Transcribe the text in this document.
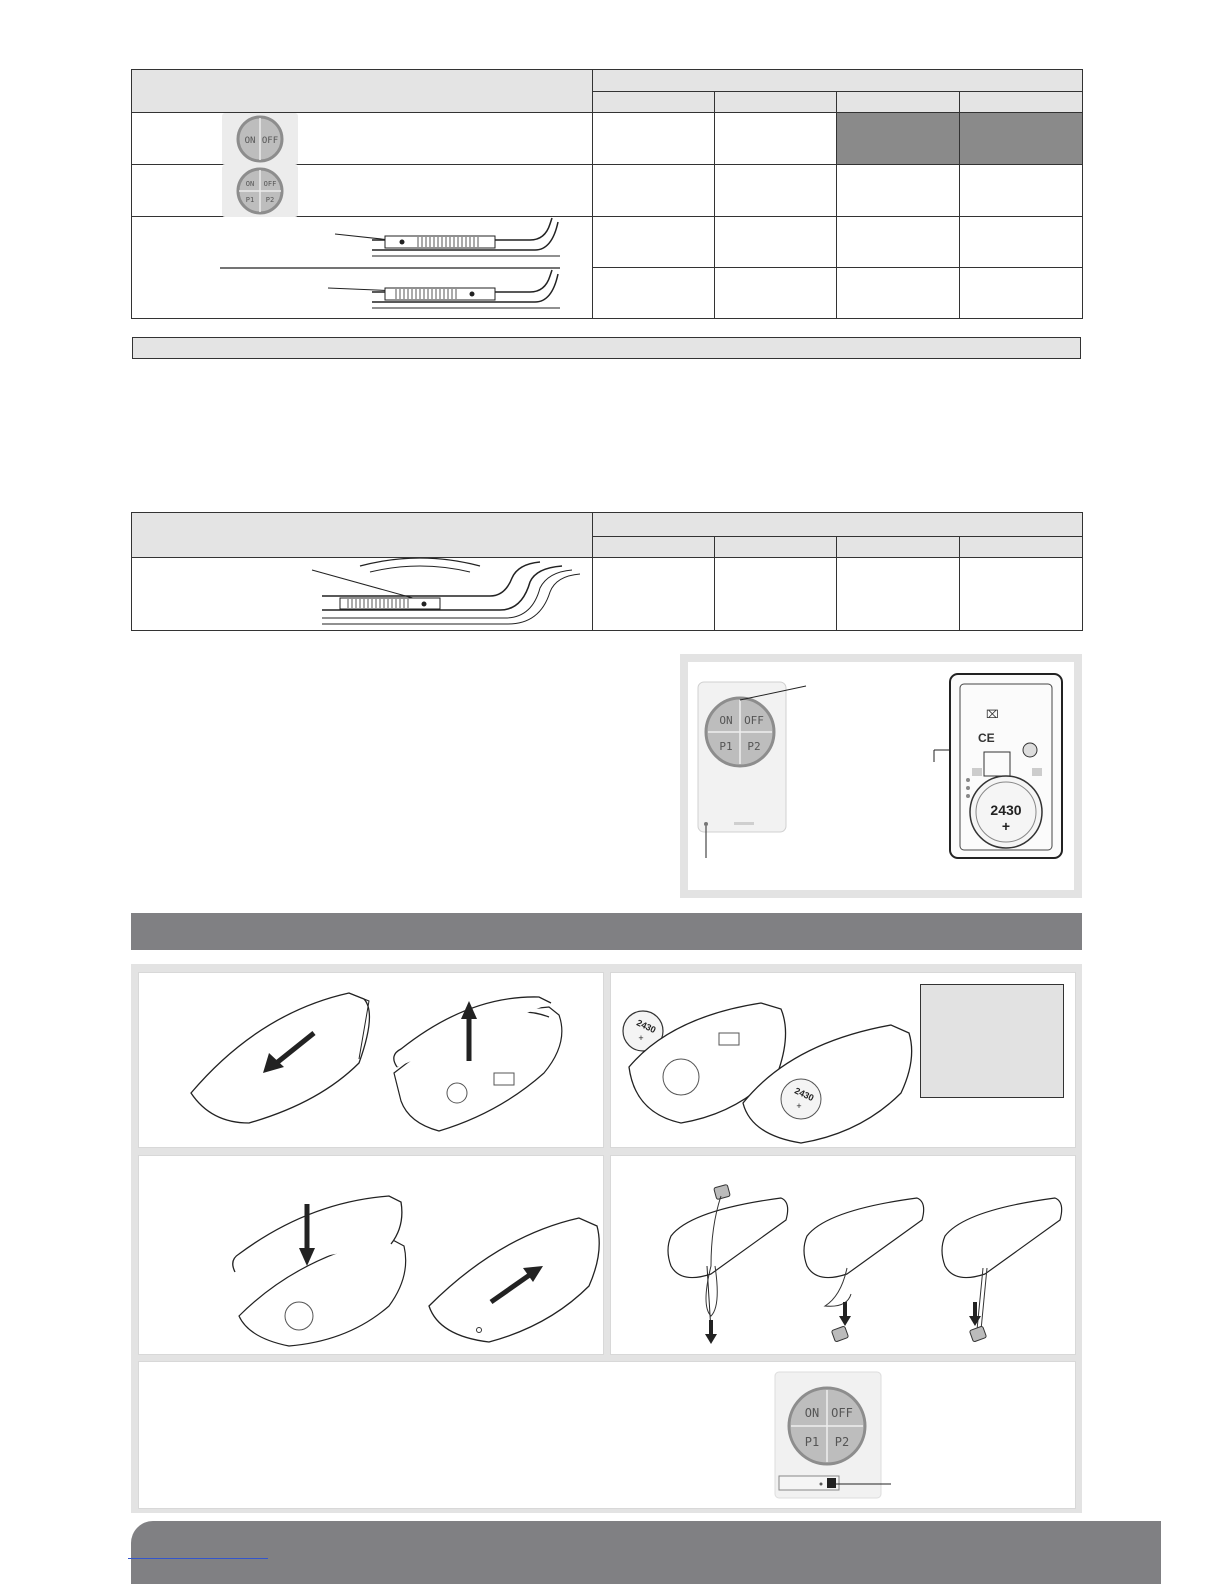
ON OFF
ON OFF
P1 P2

ON OFF
P1 P2
⌧
CE
2430
+
2430
+
2430
+
ON OFF
P1 P2
